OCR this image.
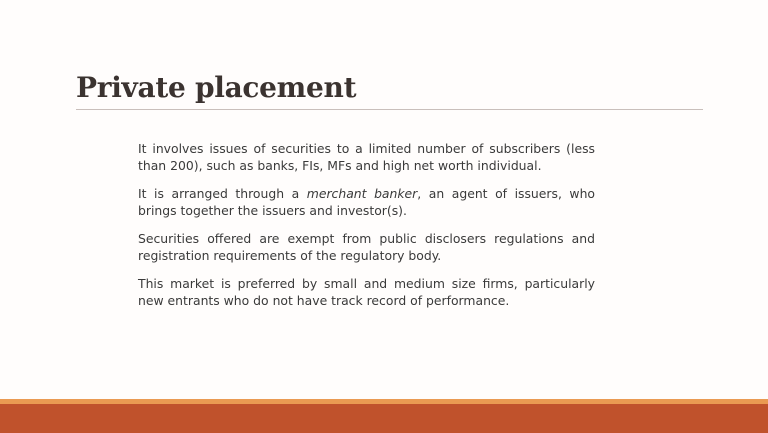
Private placement

It involves issues of securities to a limited number of subscribers (less than 200), such as banks, FIs, MFs and high net worth individual.

It is arranged through a merchant banker, an agent of issuers, who brings together the issuers and investor(s).

Securities offered are exempt from public disclosers regulations and registration requirements of the regulatory body.

This market is preferred by small and medium size firms, particularly new entrants who do not have track record of performance.
